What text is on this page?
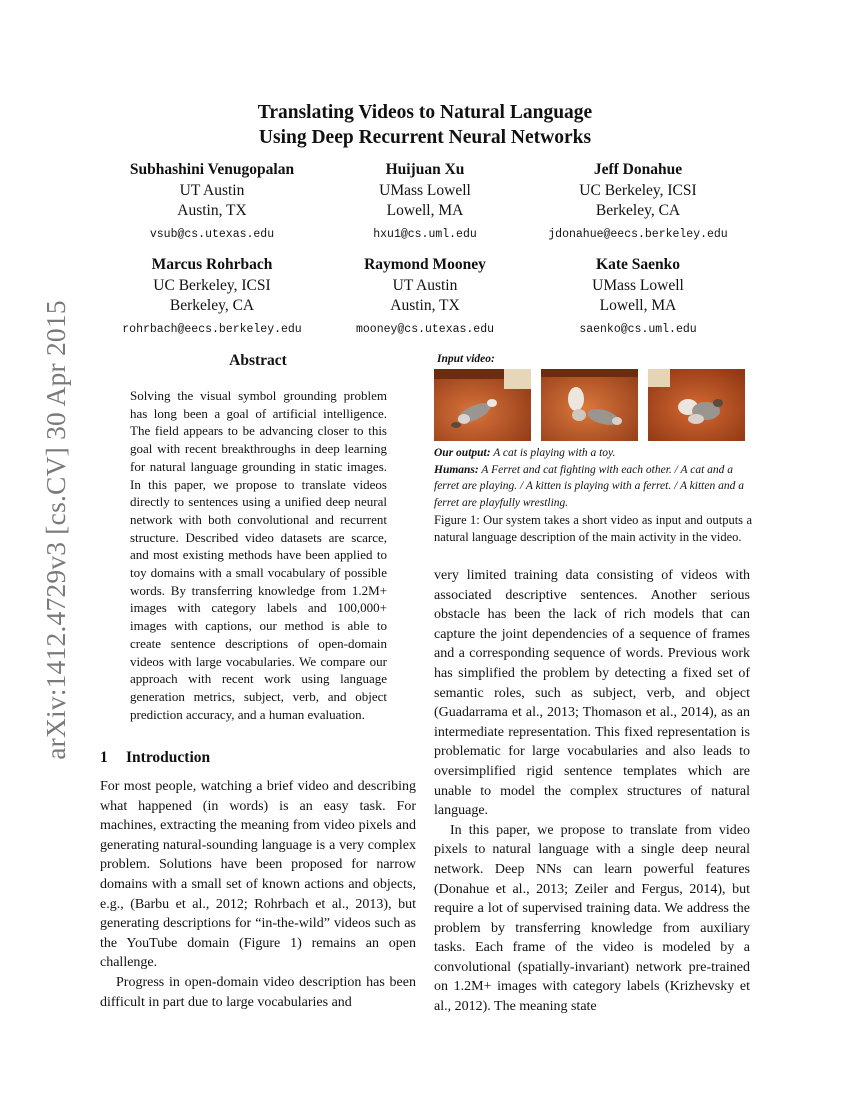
arXiv:1412.4729v3 [cs.CV] 30 Apr 2015
Translating Videos to Natural Language
Using Deep Recurrent Neural Networks
Subhashini Venugopalan
UT Austin
Austin, TX
vsub@cs.utexas.edu
Huijuan Xu
UMass Lowell
Lowell, MA
hxu1@cs.uml.edu
Jeff Donahue
UC Berkeley, ICSI
Berkeley, CA
jdonahue@eecs.berkeley.edu
Marcus Rohrbach
UC Berkeley, ICSI
Berkeley, CA
rohrbach@eecs.berkeley.edu
Raymond Mooney
UT Austin
Austin, TX
mooney@cs.utexas.edu
Kate Saenko
UMass Lowell
Lowell, MA
saenko@cs.uml.edu
Abstract
Solving the visual symbol grounding problem has long been a goal of artificial intelligence. The field appears to be advancing closer to this goal with recent breakthroughs in deep learning for natural language grounding in static images. In this paper, we propose to translate videos directly to sentences using a unified deep neural network with both convolutional and recurrent structure. Described video datasets are scarce, and most existing methods have been applied to toy domains with a small vocabulary of possible words. By transferring knowledge from 1.2M+ images with category labels and 100,000+ images with captions, our method is able to create sentence descriptions of open-domain videos with large vocabularies. We compare our approach with recent work using language generation metrics, subject, verb, and object prediction accuracy, and a human evaluation.
1 Introduction

For most people, watching a brief video and describing what happened (in words) is an easy task. For machines, extracting the meaning from video pixels and generating natural-sounding language is a very complex problem. Solutions have been proposed for narrow domains with a small set of known actions and objects, e.g., (Barbu et al., 2012; Rohrbach et al., 2013), but generating descriptions for “in-the-wild” videos such as the YouTube domain (Figure 1) remains an open challenge.

Progress in open-domain video description has been difficult in part due to large vocabularies and

Input video:
Our output: A cat is playing with a toy.
Humans: A Ferret and cat fighting with each other. / A cat and a ferret are playing. / A kitten is playing with a ferret. / A kitten and a ferret are playfully wrestling.
Figure 1: Our system takes a short video as input and outputs a natural language description of the main activity in the video.

very limited training data consisting of videos with associated descriptive sentences. Another serious obstacle has been the lack of rich models that can capture the joint dependencies of a sequence of frames and a corresponding sequence of words. Previous work has simplified the problem by detecting a fixed set of semantic roles, such as subject, verb, and object (Guadarrama et al., 2013; Thomason et al., 2014), as an intermediate representation. This fixed representation is problematic for large vocabularies and also leads to oversimplified rigid sentence templates which are unable to model the complex structures of natural language.

In this paper, we propose to translate from video pixels to natural language with a single deep neural network. Deep NNs can learn powerful features (Donahue et al., 2013; Zeiler and Fergus, 2014), but require a lot of supervised training data. We address the problem by transferring knowledge from auxiliary tasks. Each frame of the video is modeled by a convolutional (spatially-invariant) network pre-trained on 1.2M+ images with category labels (Krizhevsky et al., 2012). The meaning state
